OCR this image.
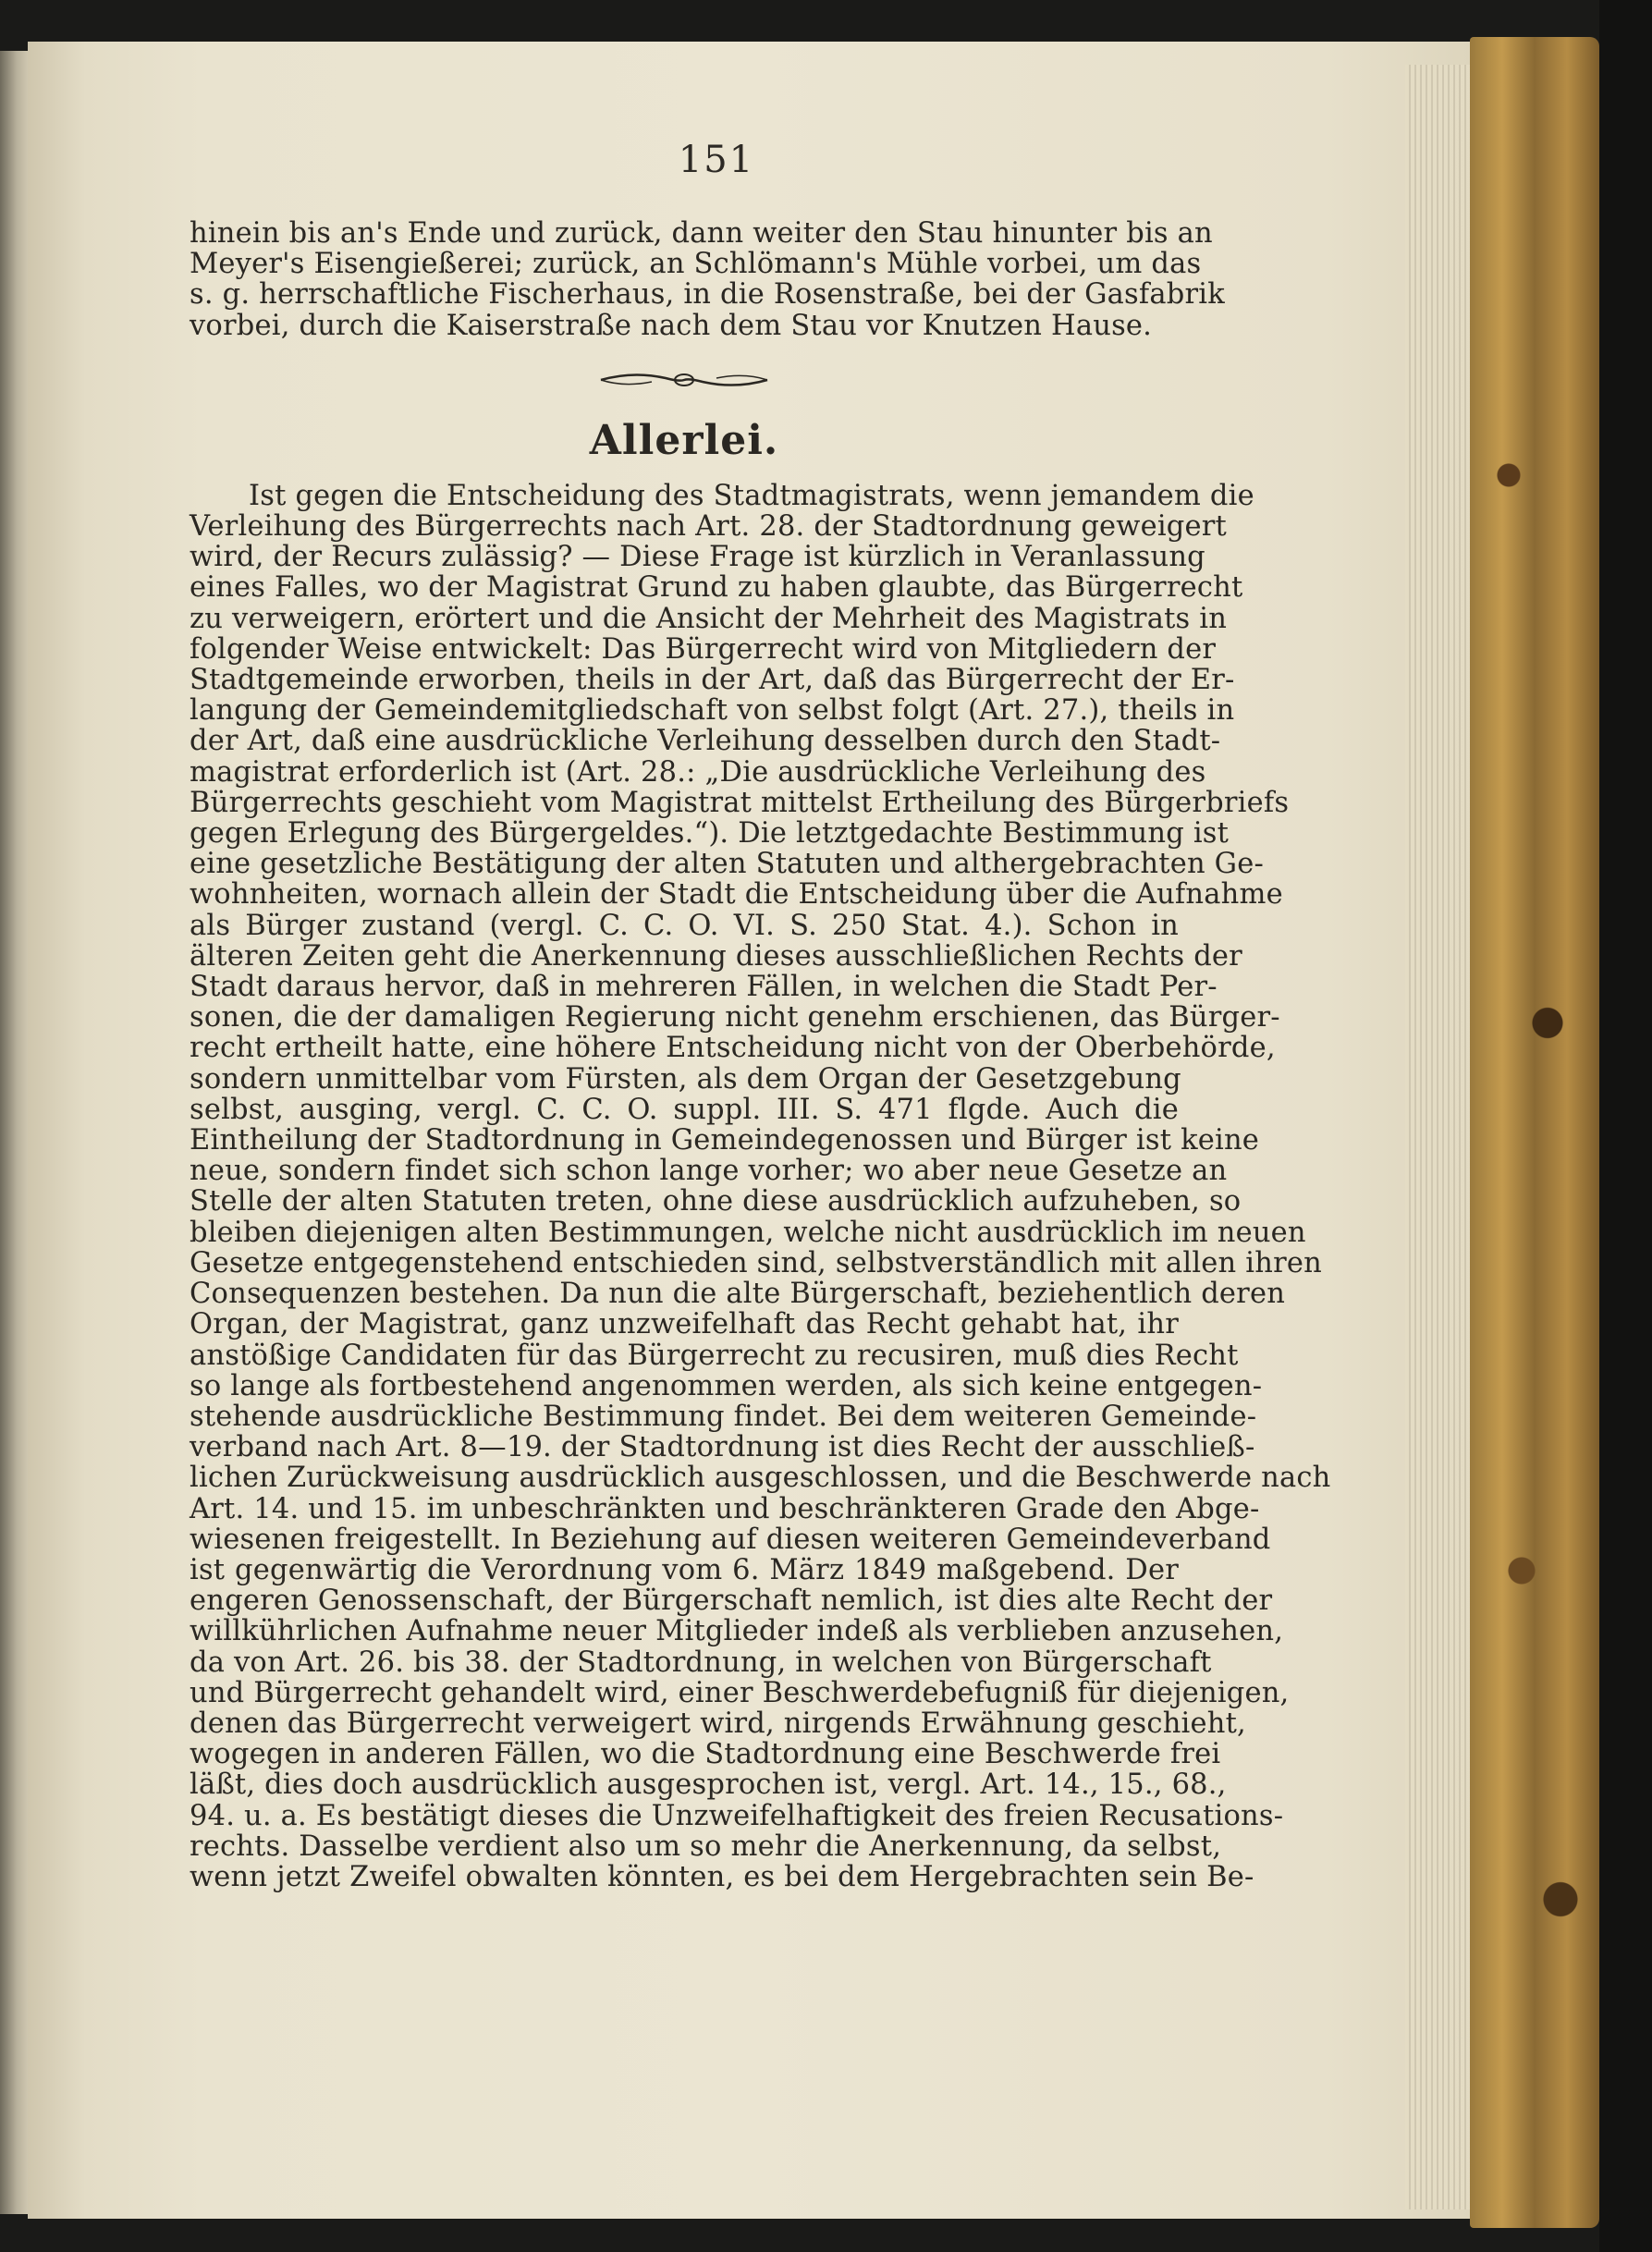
151
hinein bis an's Ende und zurück, dann weiter den Stau hinunter bis an
Meyer's Eisengießerei; zurück, an Schlömann's Mühle vorbei, um das
s. g. herrschaftliche Fischerhaus, in die Rosenstraße, bei der Gasfabrik
vorbei, durch die Kaiserstraße nach dem Stau vor Knutzen Hause.
Allerlei.
Ist gegen die Entscheidung des Stadtmagistrats, wenn jemandem die
Verleihung des Bürgerrechts nach Art. 28. der Stadtordnung geweigert
wird, der Recurs zulässig? — Diese Frage ist kürzlich in Veranlassung
eines Falles, wo der Magistrat Grund zu haben glaubte, das Bürgerrecht
zu verweigern, erörtert und die Ansicht der Mehrheit des Magistrats in
folgender Weise entwickelt: Das Bürgerrecht wird von Mitgliedern der
Stadtgemeinde erworben, theils in der Art, daß das Bürgerrecht der Er-
langung der Gemeindemitgliedschaft von selbst folgt (Art. 27.), theils in
der Art, daß eine ausdrückliche Verleihung desselben durch den Stadt-
magistrat erforderlich ist (Art. 28.: „Die ausdrückliche Verleihung des
Bürgerrechts geschieht vom Magistrat mittelst Ertheilung des Bürgerbriefs
gegen Erlegung des Bürgergeldes.“). Die letztgedachte Bestimmung ist
eine gesetzliche Bestätigung der alten Statuten und althergebrachten Ge-
wohnheiten, wornach allein der Stadt die Entscheidung über die Aufnahme
als Bürger zustand (vergl. C. C. O. VI. S. 250 Stat. 4.). Schon in
älteren Zeiten geht die Anerkennung dieses ausschließlichen Rechts der
Stadt daraus hervor, daß in mehreren Fällen, in welchen die Stadt Per-
sonen, die der damaligen Regierung nicht genehm erschienen, das Bürger-
recht ertheilt hatte, eine höhere Entscheidung nicht von der Oberbehörde,
sondern unmittelbar vom Fürsten, als dem Organ der Gesetzgebung
selbst, ausging, vergl. C. C. O. suppl. III. S. 471 flgde. Auch die
Eintheilung der Stadtordnung in Gemeindegenossen und Bürger ist keine
neue, sondern findet sich schon lange vorher; wo aber neue Gesetze an
Stelle der alten Statuten treten, ohne diese ausdrücklich aufzuheben, so
bleiben diejenigen alten Bestimmungen, welche nicht ausdrücklich im neuen
Gesetze entgegenstehend entschieden sind, selbstverständlich mit allen ihren
Consequenzen bestehen. Da nun die alte Bürgerschaft, beziehentlich deren
Organ, der Magistrat, ganz unzweifelhaft das Recht gehabt hat, ihr
anstößige Candidaten für das Bürgerrecht zu recusiren, muß dies Recht
so lange als fortbestehend angenommen werden, als sich keine entgegen-
stehende ausdrückliche Bestimmung findet. Bei dem weiteren Gemeinde-
verband nach Art. 8—19. der Stadtordnung ist dies Recht der ausschließ-
lichen Zurückweisung ausdrücklich ausgeschlossen, und die Beschwerde nach
Art. 14. und 15. im unbeschränkten und beschränkteren Grade den Abge-
wiesenen freigestellt. In Beziehung auf diesen weiteren Gemeindeverband
ist gegenwärtig die Verordnung vom 6. März 1849 maßgebend. Der
engeren Genossenschaft, der Bürgerschaft nemlich, ist dies alte Recht der
willkührlichen Aufnahme neuer Mitglieder indeß als verblieben anzusehen,
da von Art. 26. bis 38. der Stadtordnung, in welchen von Bürgerschaft
und Bürgerrecht gehandelt wird, einer Beschwerdebefugniß für diejenigen,
denen das Bürgerrecht verweigert wird, nirgends Erwähnung geschieht,
wogegen in anderen Fällen, wo die Stadtordnung eine Beschwerde frei
läßt, dies doch ausdrücklich ausgesprochen ist, vergl. Art. 14., 15., 68.,
94. u. a. Es bestätigt dieses die Unzweifelhaftigkeit des freien Recusations-
rechts. Dasselbe verdient also um so mehr die Anerkennung, da selbst,
wenn jetzt Zweifel obwalten könnten, es bei dem Hergebrachten sein Be-
